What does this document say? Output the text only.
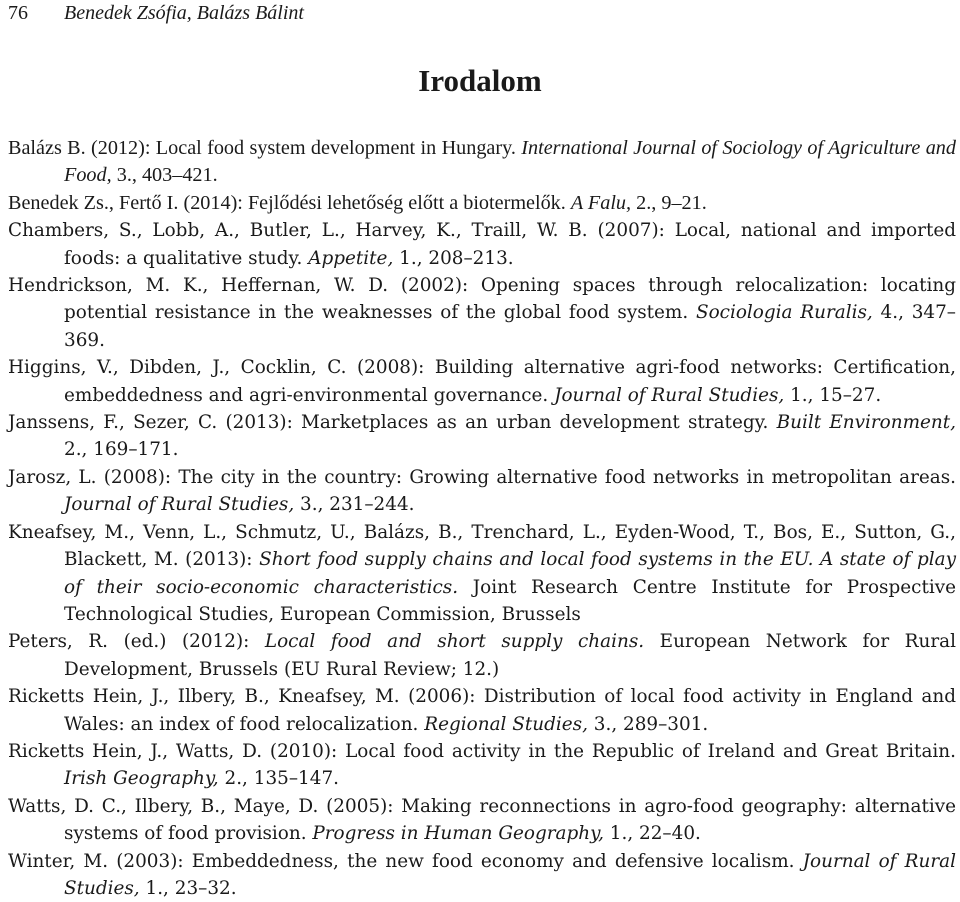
76 Benedek Zsófia, Balázs Bálint
Irodalom
Balázs B. (2012): Local food system development in Hungary. International Journal of Sociology of Agriculture and Food, 3., 403–421.
Benedek Zs., Fertő I. (2014): Fejlődési lehetőség előtt a biotermelők. A Falu, 2., 9–21.
Chambers, S., Lobb, A., Butler, L., Harvey, K., Traill, W. B. (2007): Local, national and imported foods: a qualitative study. Appetite, 1., 208–213.
Hendrickson, M. K., Heffernan, W. D. (2002): Opening spaces through relocalization: locating potential resistance in the weaknesses of the global food system. Sociologia Ruralis, 4., 347–369.
Higgins, V., Dibden, J., Cocklin, C. (2008): Building alternative agri-food networks: Certification, embeddedness and agri-environmental governance. Journal of Rural Studies, 1., 15–27.
Janssens, F., Sezer, C. (2013): Marketplaces as an urban development strategy. Built Environment, 2., 169–171.
Jarosz, L. (2008): The city in the country: Growing alternative food networks in metropolitan areas. Journal of Rural Studies, 3., 231–244.
Kneafsey, M., Venn, L., Schmutz, U., Balázs, B., Trenchard, L., Eyden-Wood, T., Bos, E., Sutton, G., Blackett, M. (2013): Short food supply chains and local food systems in the EU. A state of play of their socio-economic characteristics. Joint Research Centre Institute for Prospective Technological Studies, European Commission, Brussels
Peters, R. (ed.) (2012): Local food and short supply chains. European Network for Rural Development, Brussels (EU Rural Review; 12.)
Ricketts Hein, J., Ilbery, B., Kneafsey, M. (2006): Distribution of local food activity in England and Wales: an index of food relocalization. Regional Studies, 3., 289–301.
Ricketts Hein, J., Watts, D. (2010): Local food activity in the Republic of Ireland and Great Britain. Irish Geography, 2., 135–147.
Watts, D. C., Ilbery, B., Maye, D. (2005): Making reconnections in agro-food geography: alternative systems of food provision. Progress in Human Geography, 1., 22–40.
Winter, M. (2003): Embeddedness, the new food economy and defensive localism. Journal of Rural Studies, 1., 23–32.
